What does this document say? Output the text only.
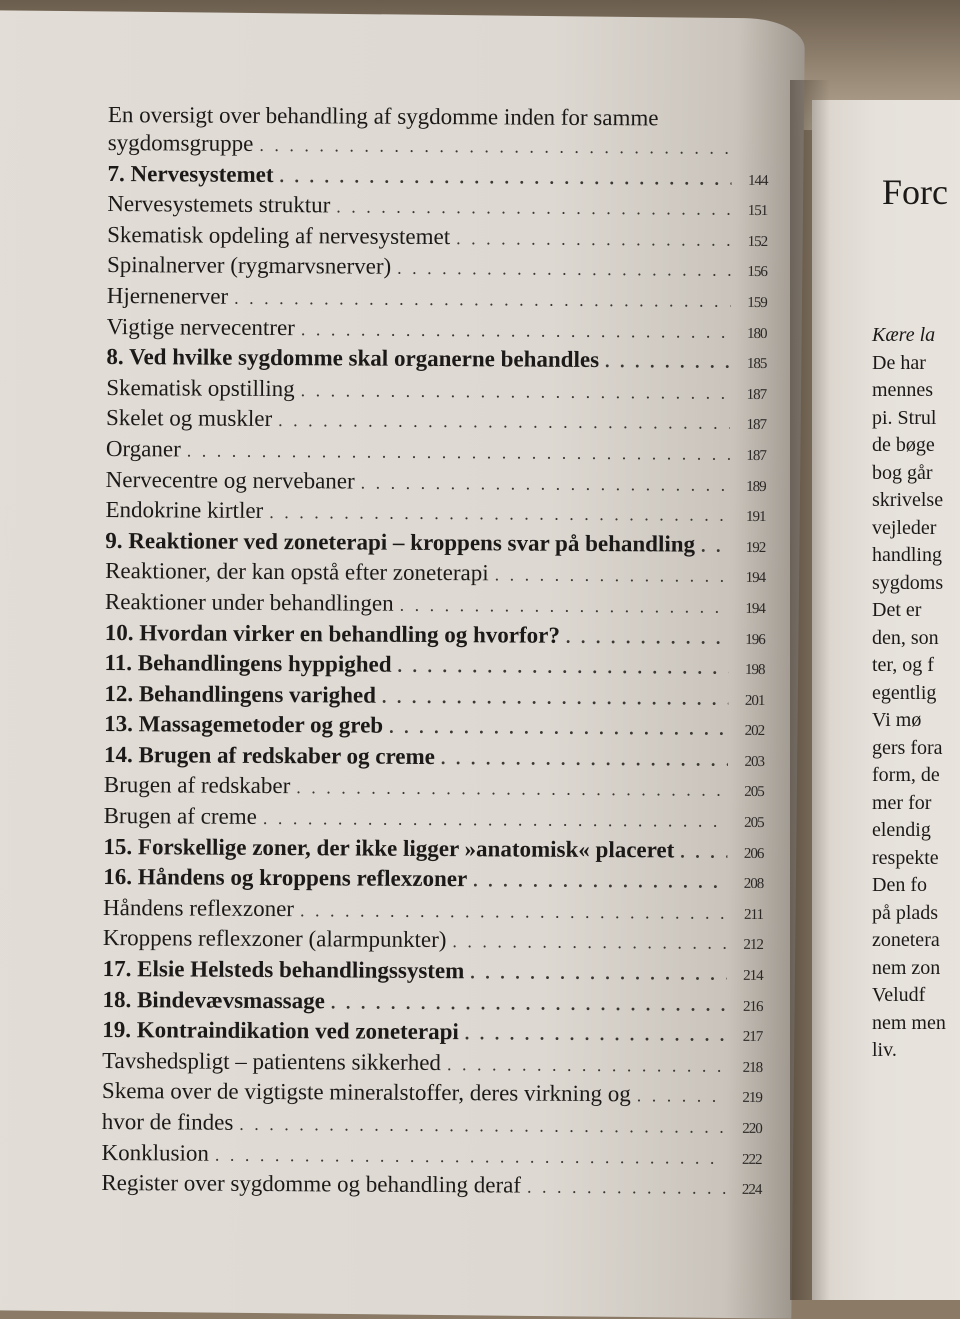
En oversigt over behandling af sygdomme inden for samme
sygdomsgruppe
. . .
7. Nervesystemet . . .	144
Nervesystemets struktur . . .	151
Skematisk opdeling af nervesystemet . . .	152
Spinalnerver (rygmarvsnerver) . . .	156
Hjernenerver . . .	159
Vigtige nervecentrer . . .	180
8. Ved hvilke sygdomme skal organerne behandles . . .	185
Skematisk opstilling . . .	187
Skelet og muskler . . .	187
Organer . . .	187
Nervecentre og nervebaner . . .	189
Endokrine kirtler . . .	191
9. Reaktioner ved zoneterapi – kroppens svar på behandling . . .	192
Reaktioner, der kan opstå efter zoneterapi . . .	194
Reaktioner under behandlingen . . .	194
10. Hvordan virker en behandling og hvorfor? . . .	196
11. Behandlingens hyppighed . . .	198
12. Behandlingens varighed . . .	201
13. Massagemetoder og greb . . .	202
14. Brugen af redskaber og creme . . .	203
Brugen af redskaber . . .	205
Brugen af creme . . .	205
15. Forskellige zoner, der ikke ligger »anatomisk« placeret . . .	206
16. Håndens og kroppens reflexzoner . . .	208
Håndens reflexzoner . . .	211
Kroppens reflexzoner (alarmpunkter) . . .	212
17. Elsie Helsteds behandlingssystem . . .	214
18. Bindevævsmassage . . .	216
19. Kontraindikation ved zoneterapi . . .	217
Tavshedspligt – patientens sikkerhed . . .	218
Skema over de vigtigste mineralstoffer, deres virkning og . . .	219
hvor de findes . . .	220
Konklusion . . .	222
Register over sygdomme og behandling deraf . . .	224
Forc
Kære la
De har
mennes
pi. Strul
de bøge
bog går
skrivelse
vejleder
handling
sygdoms
Det er
den, son
ter, og f
egentlig
Vi mø
gers fora
form, de
mer for
elendig
respekte
Den fo
på plads
zonetera
nem zon
Veludf
nem men
liv.
